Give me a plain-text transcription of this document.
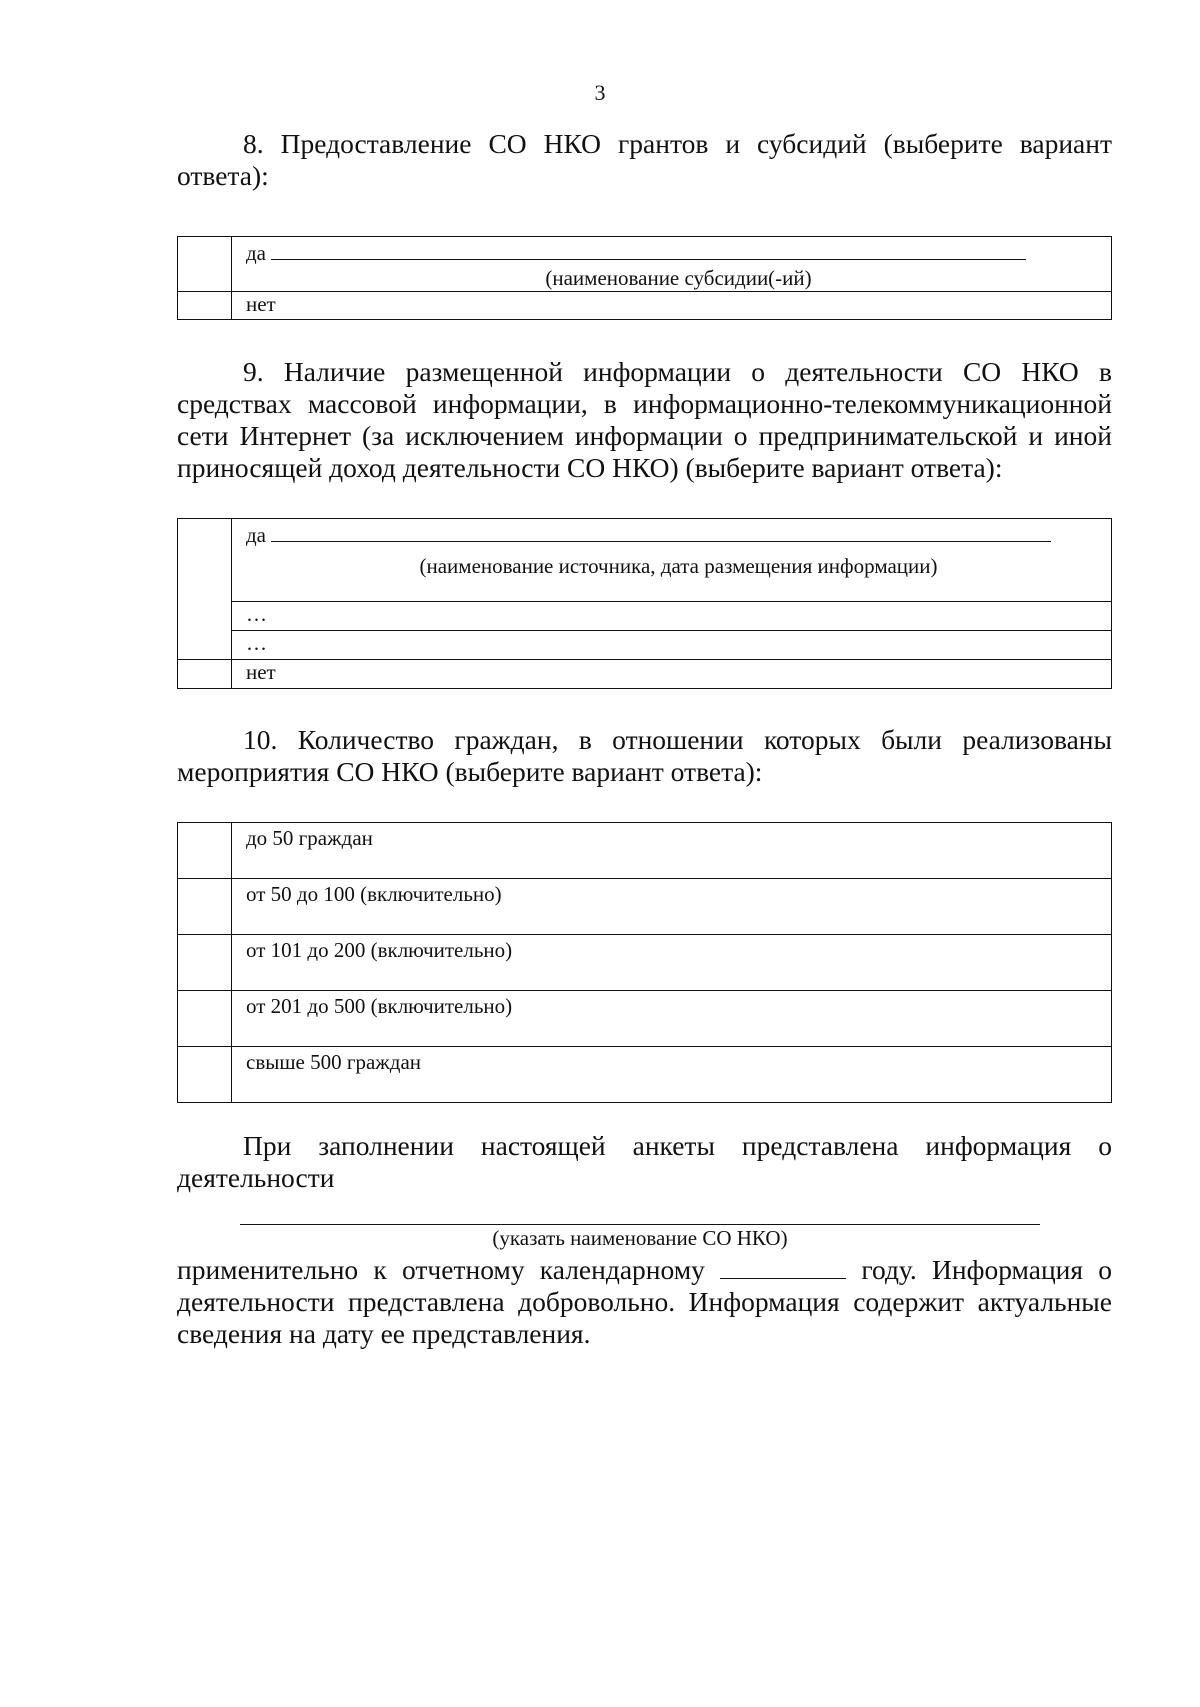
3
8. Предоставление СО НКО грантов и субсидий (выберите вариант ответа):

	да
(наименование субсидии(-ий)

	нет
9. Наличие размещенной информации о деятельности СО НКО в средствах массовой информации, в информационно-телекоммуникационной сети Интернет (за исключением информации о предпринимательской и иной приносящей доход деятельности СО НКО) (выберите вариант ответа):

	да
(наименование источника, дата размещения информации)

	…
	…
	нет
10. Количество граждан, в отношении которых были реализованы мероприятия СО НКО (выберите вариант ответа):

	до 50 граждан

	от 50 до 100 (включительно)

	от 101 до 200 (включительно)

	от 201 до 500 (включительно)

	свыше 500 граждан
При заполнении настоящей анкеты представлена информация о деятельности
(указать наименование СО НКО)
применительно к отчетному календарному	году. Информация о деятельности представлена добровольно. Информация содержит актуальные сведения на дату ее представления.
